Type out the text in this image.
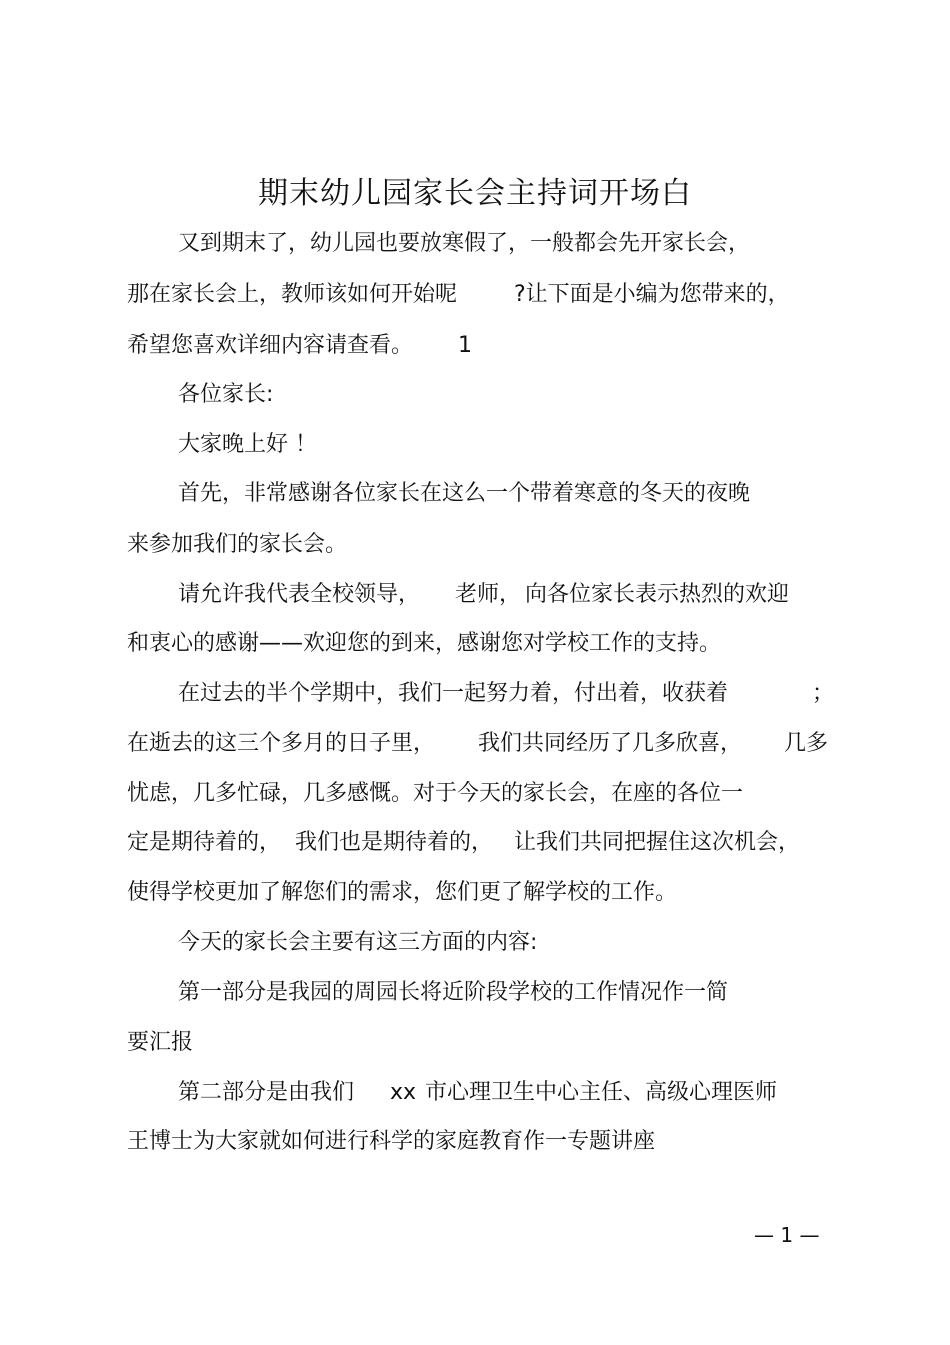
期末幼儿园家长会主持词开场白
又到期末了，幼儿园也要放寒假了，一般都会先开家长会，
那在家长会上，教师该如何开始呢	?让下面是小编为您带来的，
希望您喜欢详细内容请查看。 1
各位家长:
大家晚上好 ！
首先，非常感谢各位家长在这么一个带着寒意的冬天的夜晚
来参加我们的家长会。
请允许我代表全校领导， 老师， 向各位家长表示热烈的欢迎
和衷心的感谢——欢迎您的到来，感谢您对学校工作的支持。
在过去的半个学期中，我们一起努力着，付出着，收获着	；
在逝去的这三个多月的日子里， 我们共同经历了几多欣喜， 几多
忧虑，几多忙碌，几多感慨。对于今天的家长会，在座的各位一
定是期待着的， 我们也是期待着的， 让我们共同把握住这次机会，
使得学校更加了解您们的需求，您们更了解学校的工作。
今天的家长会主要有这三方面的内容:
第一部分是我园的周园长将近阶段学校的工作情况作一简
要汇报
第二部分是由我们 xx 市心理卫生中心主任、高级心理医师
王博士为大家就如何进行科学的家庭教育作一专题讲座
— 1 —
